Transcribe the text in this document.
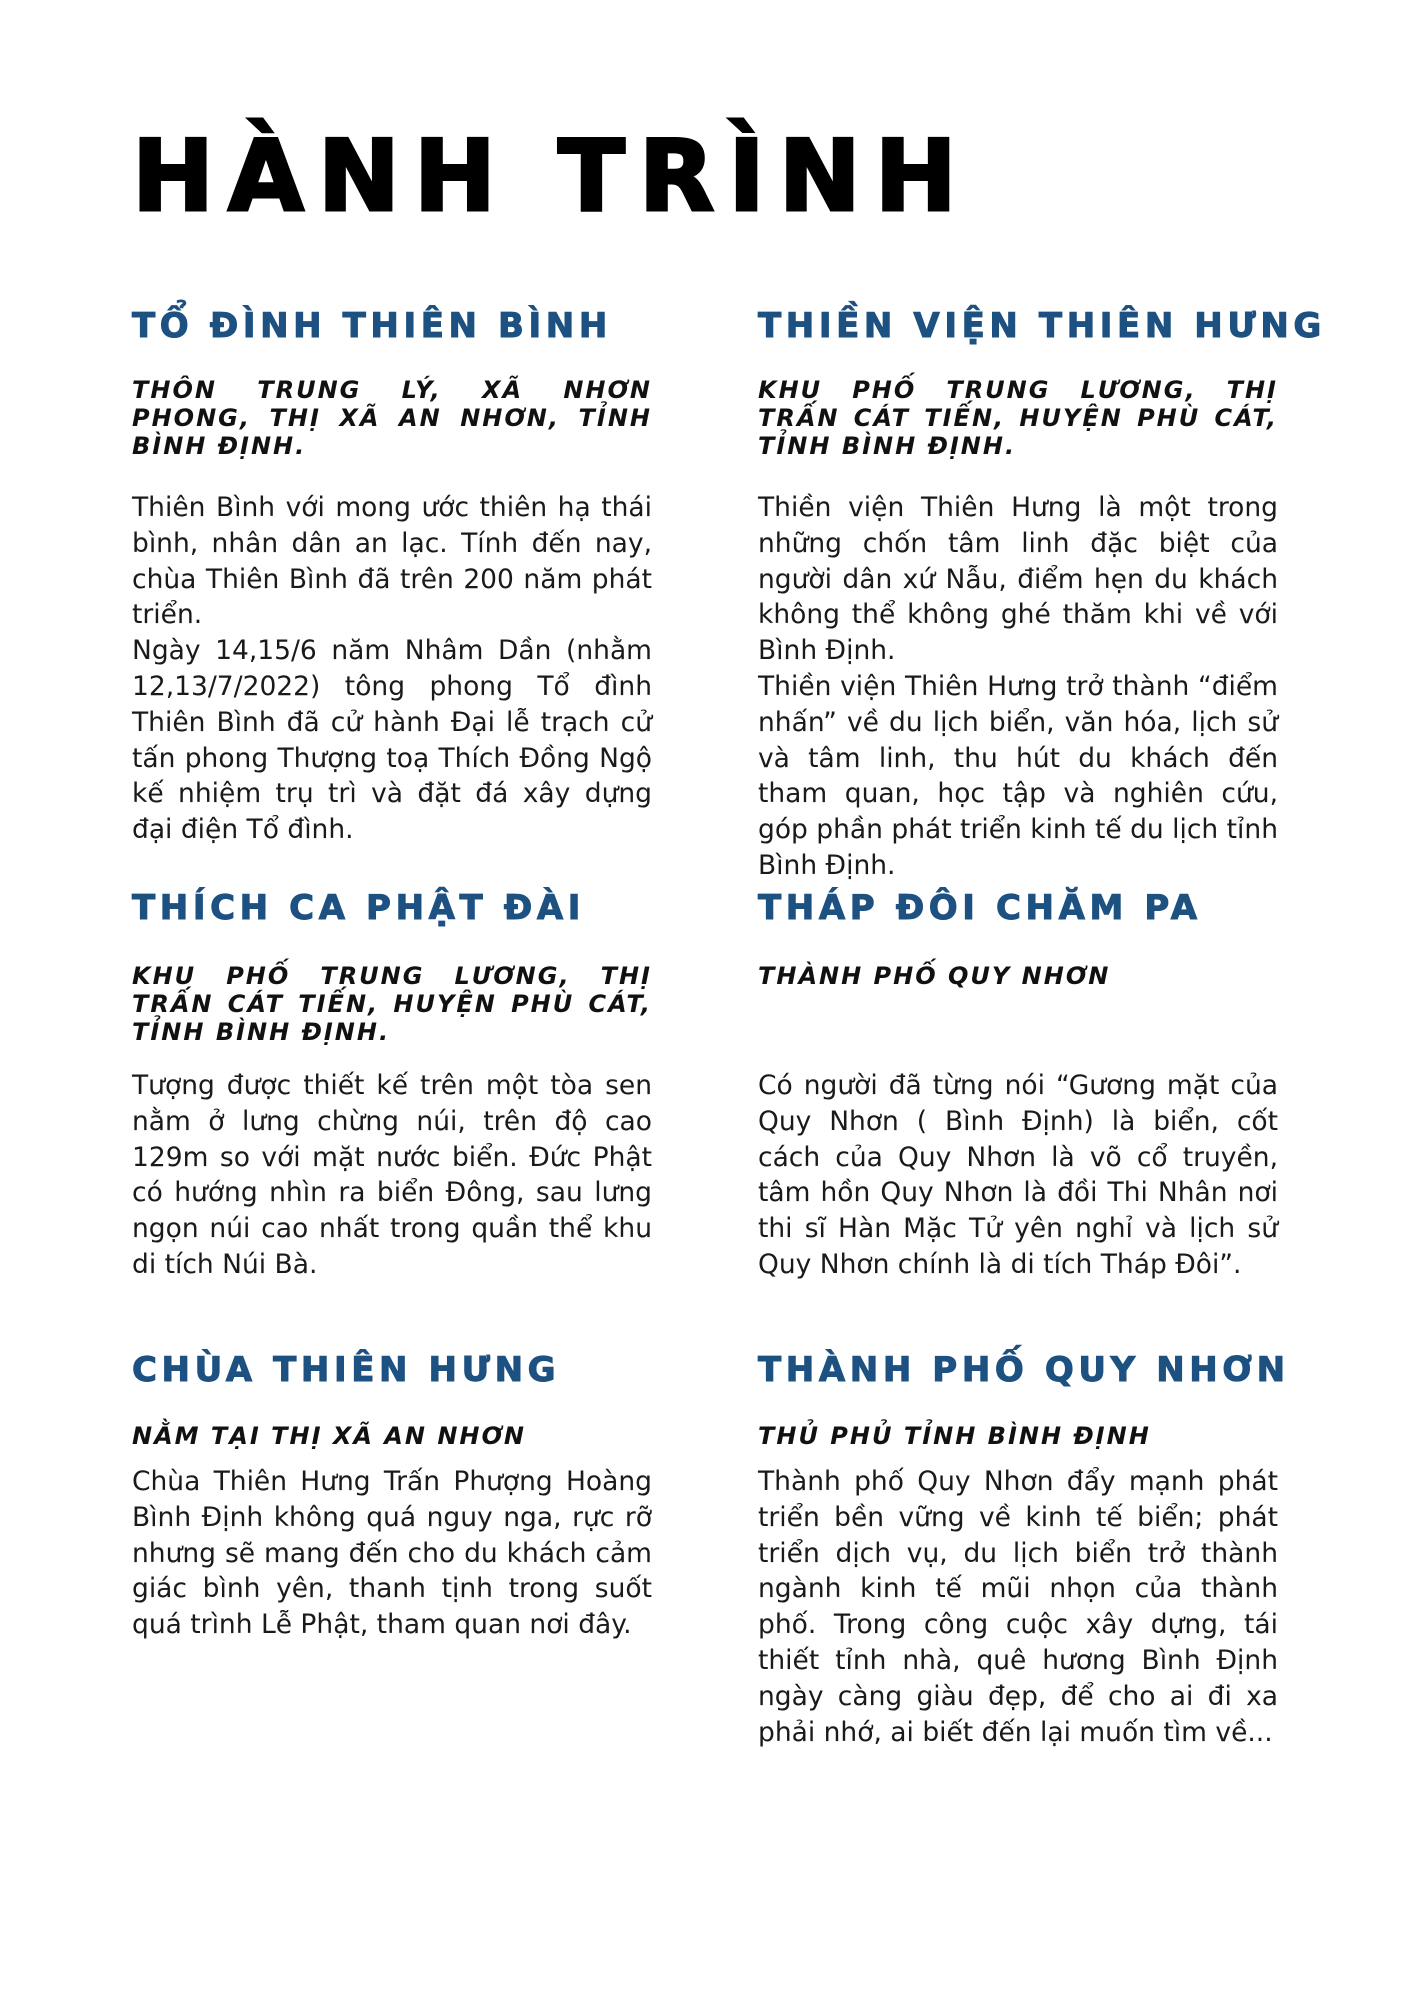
HÀNH TRÌNH
TỔ ĐÌNH THIÊN BÌNH
THÔN TRUNG LÝ, XÃ NHƠN PHONG, THỊ XÃ AN NHƠN, TỈNH BÌNH ĐỊNH.

Thiên Bình với mong ước thiên hạ thái bình, nhân dân an lạc. Tính đến nay, chùa Thiên Bình đã trên 200 năm phát triển.

Ngày 14,15/6 năm Nhâm Dần (nhằm 12,13/7/2022) tông phong Tổ đình Thiên Bình đã cử hành Đại lễ trạch cử tấn phong Thượng toạ Thích Đồng Ngộ kế nhiệm trụ trì và đặt đá xây dựng đại điện Tổ đình.

THIỀN VIỆN THIÊN HƯNG
KHU PHỐ TRUNG LƯƠNG, THỊ TRẤN CÁT TIẾN, HUYỆN PHÙ CÁT, TỈNH BÌNH ĐỊNH.

Thiền viện Thiên Hưng là một trong những chốn tâm linh đặc biệt của người dân xứ Nẫu, điểm hẹn du khách không thể không ghé thăm khi về với Bình Định.

Thiền viện Thiên Hưng trở thành “điểm nhấn” về du lịch biển, văn hóa, lịch sử và tâm linh, thu hút du khách đến tham quan, học tập và nghiên cứu, góp phần phát triển kinh tế du lịch tỉnh Bình Định.

THÍCH CA PHẬT ĐÀI
KHU PHỐ TRUNG LƯƠNG, THỊ TRẤN CÁT TIẾN, HUYỆN PHÙ CÁT, TỈNH BÌNH ĐỊNH.

Tượng được thiết kế trên một tòa sen nằm ở lưng chừng núi, trên độ cao 129m so với mặt nước biển. Đức Phật có hướng nhìn ra biển Đông, sau lưng ngọn núi cao nhất trong quần thể khu di tích Núi Bà.

THÁP ĐÔI CHĂM PA
THÀNH PHỐ QUY NHƠN

Có người đã từng nói “Gương mặt của Quy Nhơn ( Bình Định) là biển, cốt cách của Quy Nhơn là võ cổ truyền, tâm hồn Quy Nhơn là đồi Thi Nhân nơi thi sĩ Hàn Mặc Tử yên nghỉ và lịch sử Quy Nhơn chính là di tích Tháp Đôi”.

CHÙA THIÊN HƯNG
NẰM TẠI THỊ XÃ AN NHƠN

Chùa Thiên Hưng Trấn Phượng Hoàng Bình Định không quá nguy nga, rực rỡ nhưng sẽ mang đến cho du khách cảm giác bình yên, thanh tịnh trong suốt quá trình Lễ Phật, tham quan nơi đây.

THÀNH PHỐ QUY NHƠN
THỦ PHỦ TỈNH BÌNH ĐỊNH

Thành phố Quy Nhơn đẩy mạnh phát triển bền vững về kinh tế biển; phát triển dịch vụ, du lịch biển trở thành ngành kinh tế mũi nhọn của thành phố. Trong công cuộc xây dựng, tái thiết tỉnh nhà, quê hương Bình Định ngày càng giàu đẹp, để cho ai đi xa phải nhớ, ai biết đến lại muốn tìm về...
